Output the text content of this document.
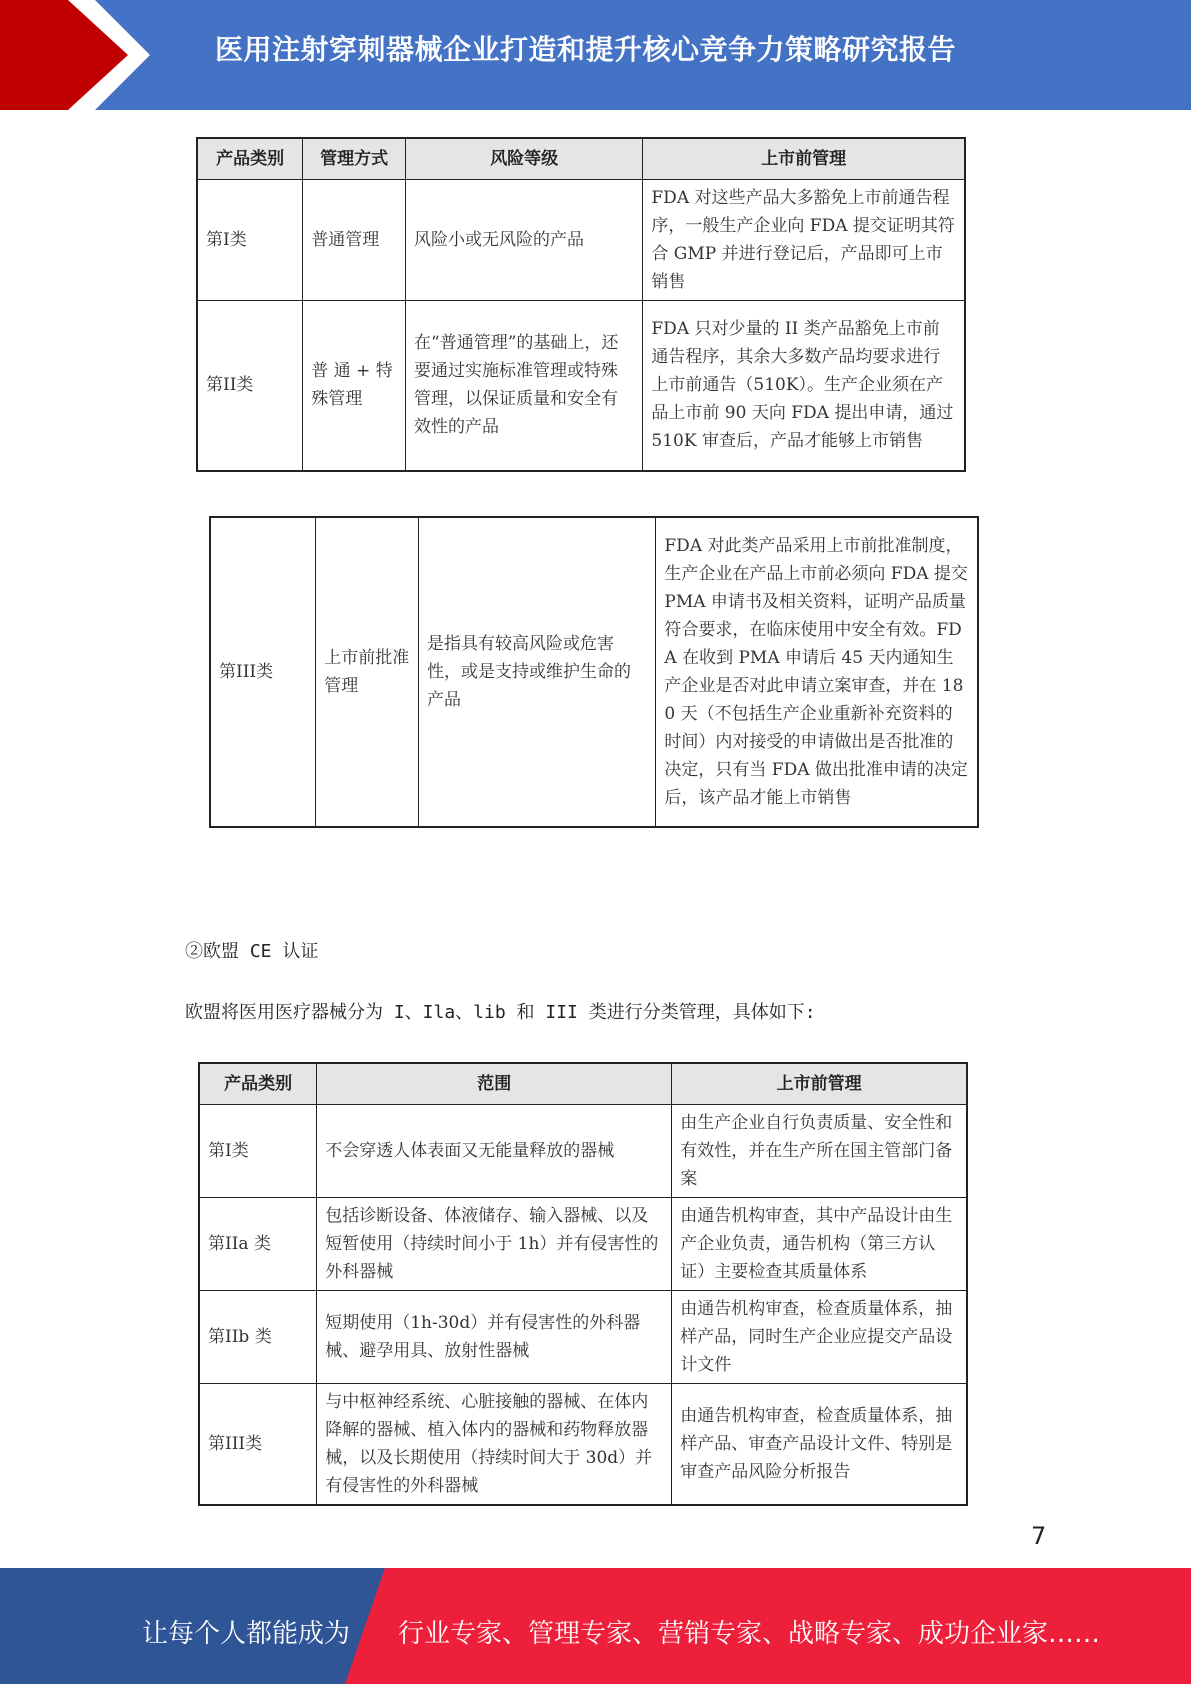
医用注射穿刺器械企业打造和提升核心竞争力策略研究报告
产品类别	管理方式	风险等级	上市前管理
第I类	普通管理	风险小或无风险的产品	FDA 对这些产品大多豁免上市前通告程序，一般生产企业向 FDA 提交证明其符合 GMP 并进行登记后，产品即可上市销售
第II类	普 通 + 特殊管理	在“普通管理”的基础上，还要通过实施标准管理或特殊管理，以保证质量和安全有效性的产品	FDA 只对少量的 II 类产品豁免上市前通告程序，其余大多数产品均要求进行上市前通告（510K）。生产企业须在产品上市前 90 天向 FDA 提出申请，通过 510K 审查后，产品才能够上市销售
第III类	上市前批准管理	是指具有较高风险或危害性，或是支持或维护生命的产品	FDA 对此类产品采用上市前批准制度，生产企业在产品上市前必须向 FDA 提交 PMA 申请书及相关资料，证明产品质量符合要求，在临床使用中安全有效。FDA 在收到 PMA 申请后 45 天内通知生产企业是否对此申请立案审查，并在 180 天（不包括生产企业重新补充资料的时间）内对接受的申请做出是否批准的决定，只有当 FDA 做出批准申请的决定后，该产品才能上市销售
②欧盟 CE 认证
欧盟将医用医疗器械分为 I、Ila、lib 和 III 类进行分类管理，具体如下:
产品类别	范围	上市前管理
第I类	不会穿透人体表面又无能量释放的器械	由生产企业自行负责质量、安全性和有效性，并在生产所在国主管部门备案
第IIa 类	包括诊断设备、体液储存、输入器械、以及短暂使用（持续时间小于 1h）并有侵害性的外科器械	由通告机构审查，其中产品设计由生产企业负责，通告机构（第三方认证）主要检查其质量体系
第IIb 类	短期使用（1h-30d）并有侵害性的外科器械、避孕用具、放射性器械	由通告机构审查，检查质量体系，抽样产品，同时生产企业应提交产品设计文件
第III类	与中枢神经系统、心脏接触的器械、在体内降解的器械、植入体内的器械和药物释放器械，以及长期使用（持续时间大于 30d）并有侵害性的外科器械	由通告机构审查，检查质量体系，抽样产品、审查产品设计文件、特别是审查产品风险分析报告
7
让每个人都能成为 行业专家、管理专家、营销专家、战略专家、成功企业家……
